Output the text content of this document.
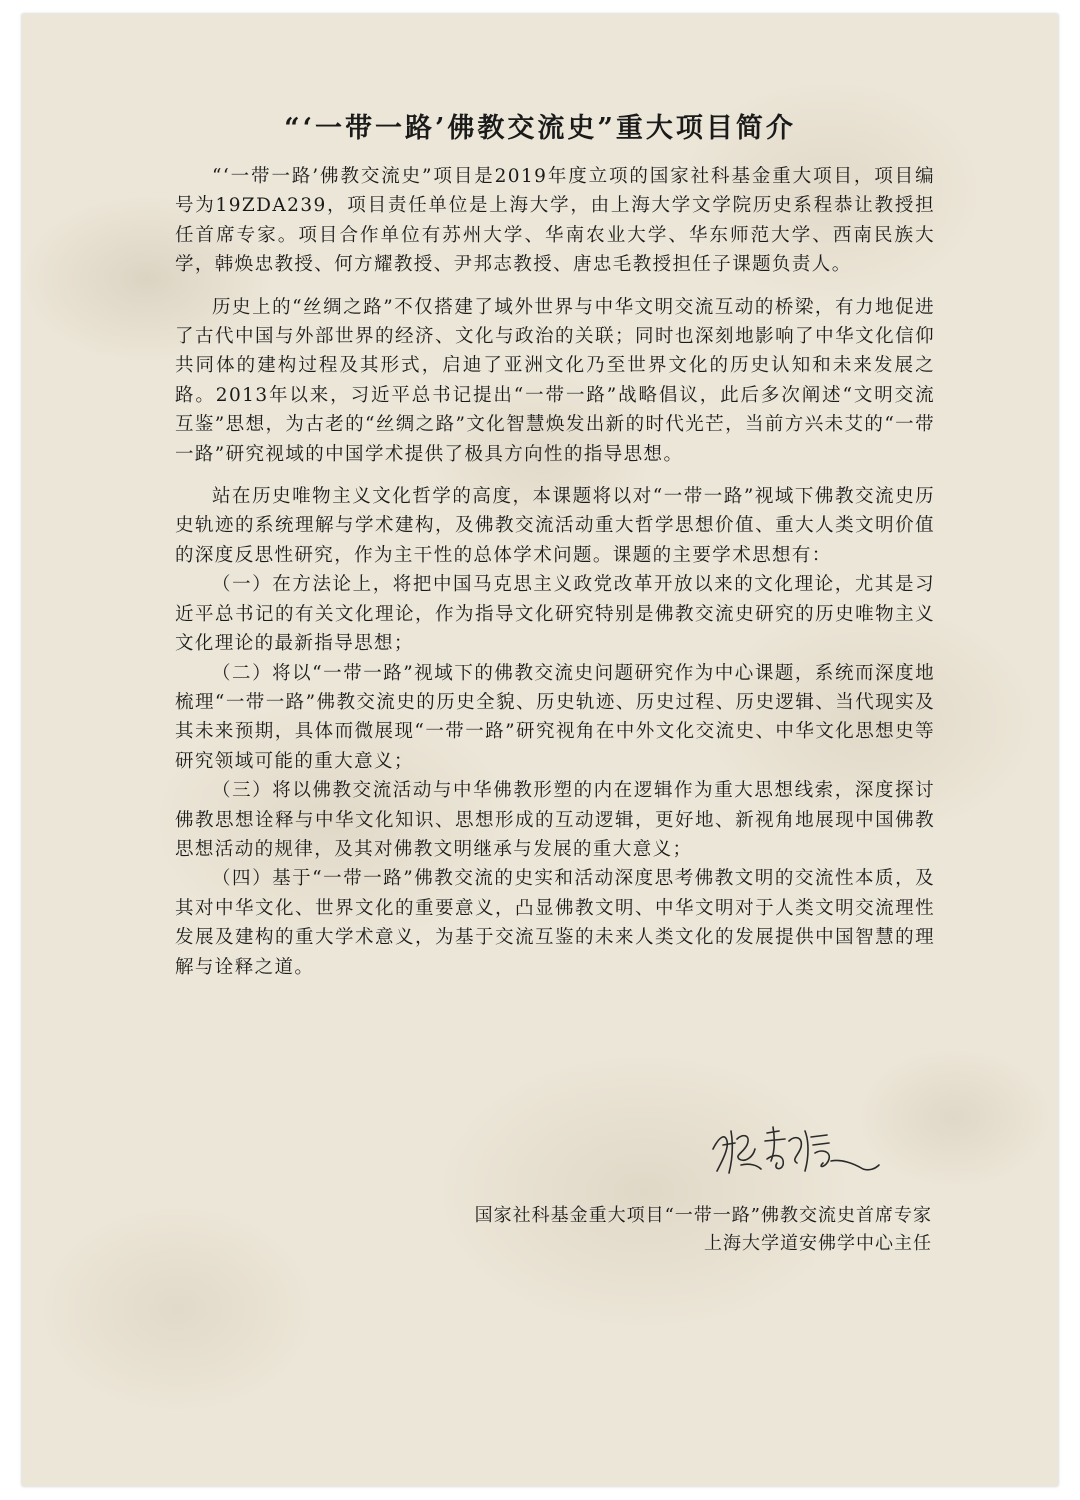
“‘一带一路’佛教交流史”重大项目简介

“‘一带一路’佛教交流史”项目是2019年度立项的国家社科基金重大项目，项目编号为19ZDA239，项目责任单位是上海大学，由上海大学文学院历史系程恭让教授担任首席专家。项目合作单位有苏州大学、华南农业大学、华东师范大学、西南民族大学，韩焕忠教授、何方耀教授、尹邦志教授、唐忠毛教授担任子课题负责人。

历史上的“丝绸之路”不仅搭建了域外世界与中华文明交流互动的桥梁，有力地促进了古代中国与外部世界的经济、文化与政治的关联；同时也深刻地影响了中华文化信仰共同体的建构过程及其形式，启迪了亚洲文化乃至世界文化的历史认知和未来发展之路。2013年以来，习近平总书记提出“一带一路”战略倡议，此后多次阐述“文明交流互鉴”思想，为古老的“丝绸之路”文化智慧焕发出新的时代光芒，当前方兴未艾的“一带一路”研究视域的中国学术提供了极具方向性的指导思想。

站在历史唯物主义文化哲学的高度，本课题将以对“一带一路”视域下佛教交流史历史轨迹的系统理解与学术建构，及佛教交流活动重大哲学思想价值、重大人类文明价值的深度反思性研究，作为主干性的总体学术问题。课题的主要学术思想有：

（一）在方法论上，将把中国马克思主义政党改革开放以来的文化理论，尤其是习近平总书记的有关文化理论，作为指导文化研究特别是佛教交流史研究的历史唯物主义文化理论的最新指导思想；

（二）将以“一带一路”视域下的佛教交流史问题研究作为中心课题，系统而深度地梳理“一带一路”佛教交流史的历史全貌、历史轨迹、历史过程、历史逻辑、当代现实及其未来预期，具体而微展现“一带一路”研究视角在中外文化交流史、中华文化思想史等研究领域可能的重大意义；

（三）将以佛教交流活动与中华佛教形塑的内在逻辑作为重大思想线索，深度探讨佛教思想诠释与中华文化知识、思想形成的互动逻辑，更好地、新视角地展现中国佛教思想活动的规律，及其对佛教文明继承与发展的重大意义；

（四）基于“一带一路”佛教交流的史实和活动深度思考佛教文明的交流性本质，及其对中华文化、世界文化的重要意义，凸显佛教文明、中华文明对于人类文明交流理性发展及建构的重大学术意义，为基于交流互鉴的未来人类文化的发展提供中国智慧的理解与诠释之道。

国家社科基金重大项目“一带一路”佛教交流史首席专家
上海大学道安佛学中心主任
